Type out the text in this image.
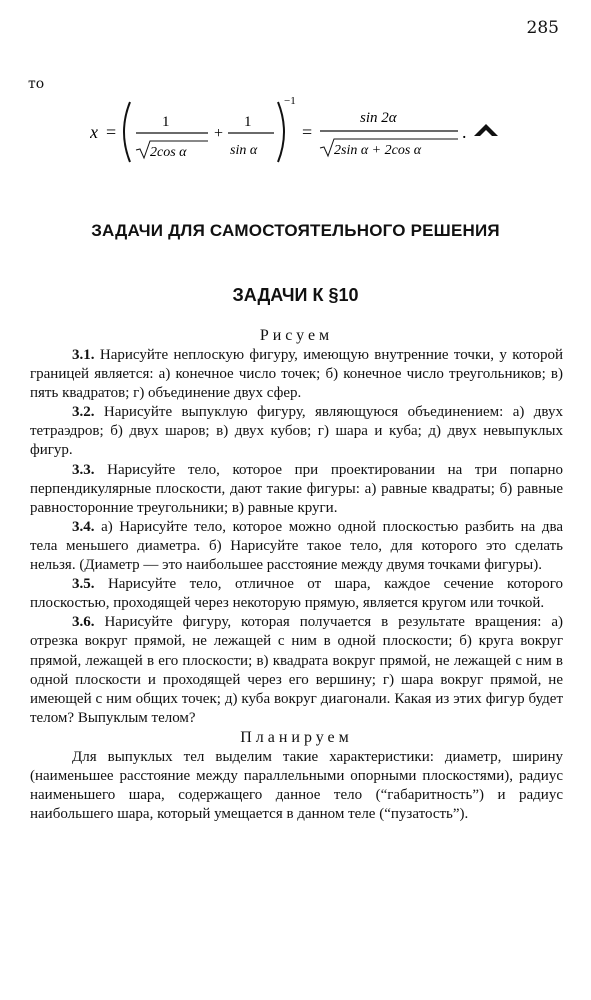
285
то
x =	1
2cos α
+
1
sin α
−1
=
sin 2α
2sin α + 2cos α
.
ЗАДАЧИ ДЛЯ САМОСТОЯТЕЛЬНОГО РЕШЕНИЯ
ЗАДАЧИ К §10

Рисуем

3.1. Нарисуйте неплоскую фигуру, имеющую внутренние точки, у которой границей является: а) конечное число точек; б) конечное число треугольников; в) пять квадратов; г) объединение двух сфер.

3.2. Нарисуйте выпуклую фигуру, являющуюся объединением: а) двух тетраэдров; б) двух шаров; в) двух кубов; г) шара и куба; д) двух невыпуклых фигур.

3.3. Нарисуйте тело, которое при проектировании на три попарно перпендикулярные плоскости, дают такие фигуры: а) равные квадраты; б) равные равносторонние треугольники; в) равные круги.

3.4. а) Нарисуйте тело, которое можно одной плоскостью разбить на два тела меньшего диаметра. б) Нарисуйте такое тело, для которого это сделать нельзя. (Диаметр — это наибольшее расстояние между двумя точками фигуры).

3.5. Нарисуйте тело, отличное от шара, каждое сечение которого плоскостью, проходящей через некоторую прямую, является кругом или точкой.

3.6. Нарисуйте фигуру, которая получается в результате вращения: а) отрезка вокруг прямой, не лежащей с ним в одной плоскости; б) круга вокруг прямой, лежащей в его плоскости; в) квадрата вокруг прямой, не лежащей с ним в одной плоскости и проходящей через его вершину; г) шара вокруг прямой, не имеющей с ним общих точек; д) куба вокруг диагонали. Какая из этих фигур будет телом? Выпуклым телом?

Планируем

Для выпуклых тел выделим такие характеристики: диаметр, ширину (наименьшее расстояние между параллельными опорными плоскостями), радиус наименьшего шара, содержащего данное тело (“габаритность”) и радиус наибольшего шара, который умещается в данном теле (“пузатость”).
